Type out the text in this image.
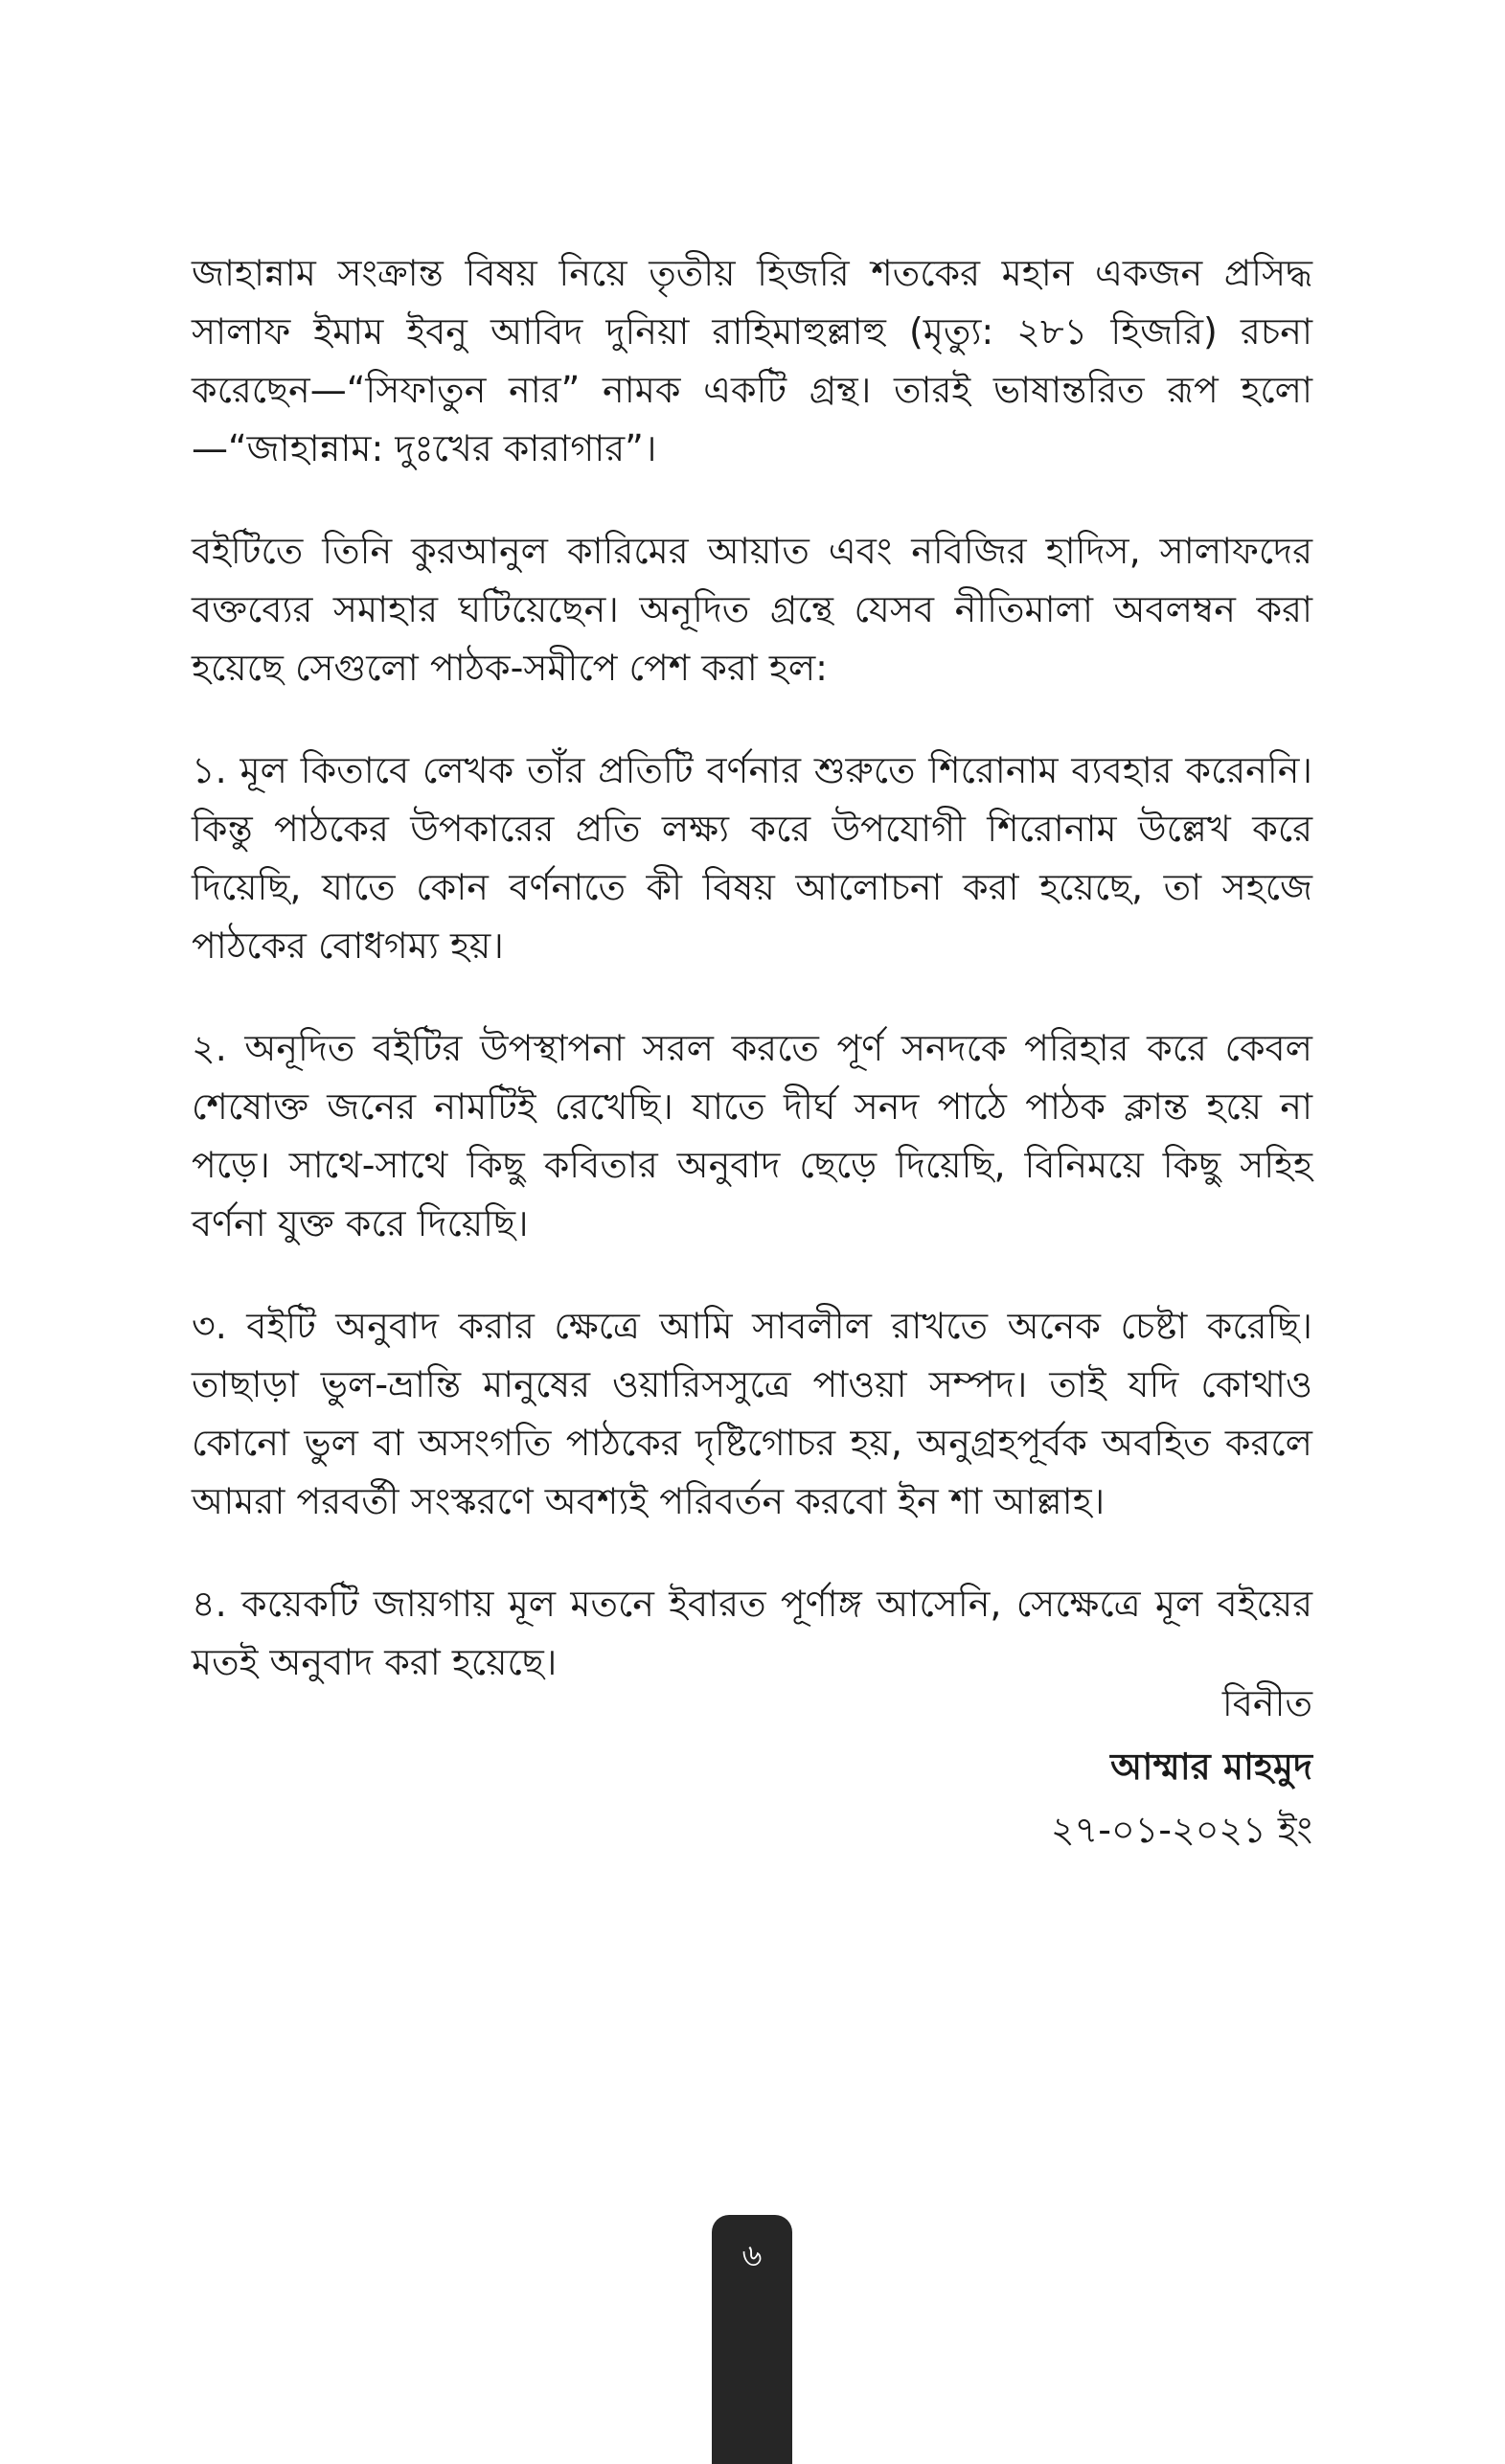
জাহান্নাম সংক্রান্ত বিষয় নিয়ে তৃতীয় হিজরি শতকের মহান একজন প্রসিদ্ধ সালাফ ইমাম ইবনু আবিদ দুনিয়া রাহিমাহুল্লাহু (মৃত্যু: ২৮১ হিজরি) রচনা করেছেন—“সিফাতুন নার” নামক একটি গ্রন্থ। তারই ভাষান্তরিত রূপ হলো—“জাহান্নাম: দুঃখের কারাগার”।

বইটিতে তিনি কুরআনুল কারিমের আয়াত এবং নবিজির হাদিস, সালাফদের বক্তব্যের সমাহার ঘটিয়েছেন। অনূদিত গ্রন্থে যেসব নীতিমালা অবলম্বন করা হয়েছে সেগুলো পাঠক-সমীপে পেশ করা হল:

১. মূল কিতাবে লেখক তাঁর প্রতিটি বর্ণনার শুরুতে শিরোনাম ব্যবহার করেননি। কিন্তু পাঠকের উপকারের প্রতি লক্ষ্য করে উপযোগী শিরোনাম উল্লেখ করে দিয়েছি, যাতে কোন বর্ণনাতে কী বিষয় আলোচনা করা হয়েছে, তা সহজে পাঠকের বোধগম্য হয়।

২. অনূদিত বইটির উপস্থাপনা সরল করতে পূর্ণ সনদকে পরিহার করে কেবল শেষোক্ত জনের নামটিই রেখেছি। যাতে দীর্ঘ সনদ পাঠে পাঠক ক্লান্ত হয়ে না পড়ে। সাথে-সাথে কিছু কবিতার অনুবাদ ছেড়ে দিয়েছি, বিনিময়ে কিছু সহিহ বর্ণনা যুক্ত করে দিয়েছি।

৩. বইটি অনুবাদ করার ক্ষেত্রে আমি সাবলীল রাখতে অনেক চেষ্টা করেছি। তাছাড়া ভুল-ভ্রান্তি মানুষের ওয়ারিসসুত্রে পাওয়া সম্পদ। তাই যদি কোথাও কোনো ভুল বা অসংগতি পাঠকের দৃষ্টিগোচর হয়, অনুগ্রহপূর্বক অবহিত করলে আমরা পরবর্তী সংস্করণে অবশ্যই পরিবর্তন করবো ইন শা আল্লাহ।

৪. কয়েকটি জায়গায় মূল মতনে ইবারত পূর্ণাঙ্গ আসেনি, সেক্ষেত্রে মূল বইয়ের মতই অনুবাদ করা হয়েছে।

বিনীত
আম্মার মাহমুদ
২৭-০১-২০২১ ইং
৬
